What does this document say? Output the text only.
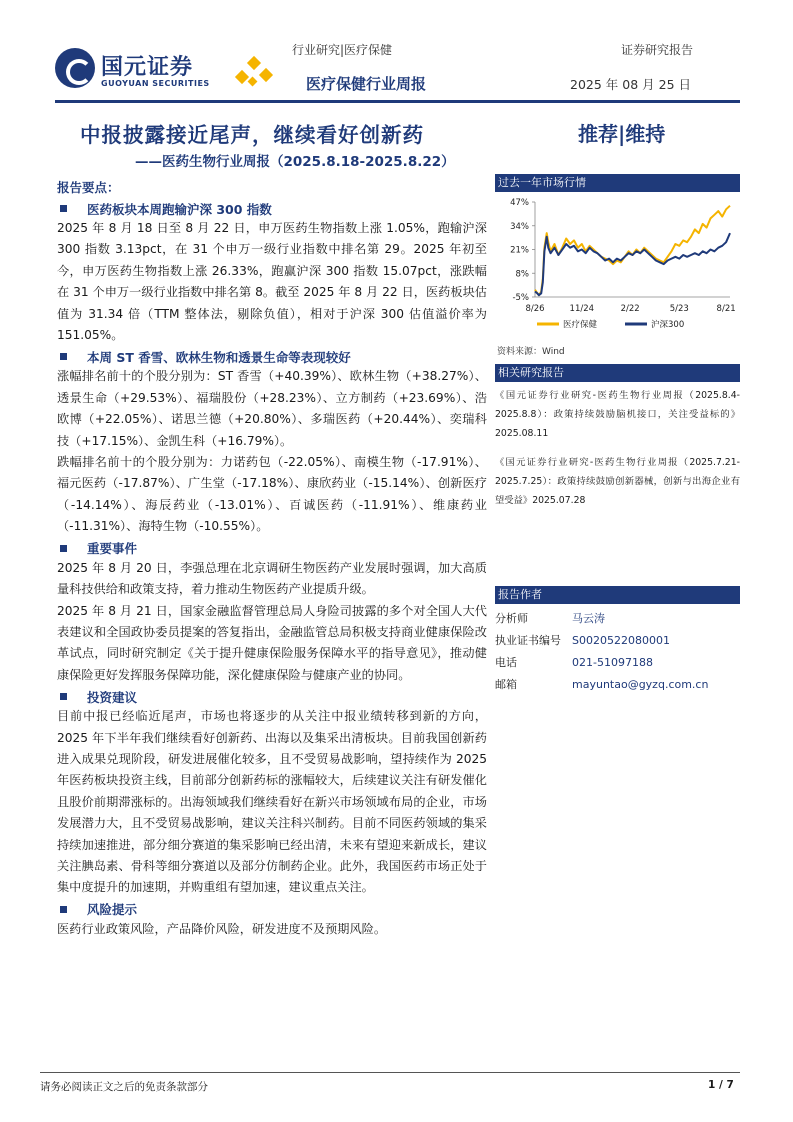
国元证券
GUOYUAN SECURITIES
行业研究|医疗保健	证券研究报告
医疗保健行业周报	2025 年 08 月 25 日
中报披露接近尾声，继续看好创新药
——医药生物行业周报（2025.8.18-2025.8.22）
推荐|维持
报告要点：
医药板块本周跑输沪深 300 指数

2025 年 8 月 18 日至 8 月 22 日，申万医药生物指数上涨 1.05%，跑输沪深 300 指数 3.13pct，在 31 个申万一级行业指数中排名第 29。2025 年初至今，申万医药生物指数上涨 26.33%，跑赢沪深 300 指数 15.07pct，涨跌幅在 31 个申万一级行业指数中排名第 8。截至 2025 年 8 月 22 日，医药板块估值为 31.34 倍（TTM 整体法，剔除负值），相对于沪深 300 估值溢价率为 151.05%。

本周 ST 香雪、欧林生物和透景生命等表现较好

涨幅排名前十的个股分别为：ST 香雪（+40.39%）、欧林生物（+38.27%）、透景生命（+29.53%）、福瑞股份（+28.23%）、立方制药（+23.69%）、浩欧博（+22.05%）、诺思兰德（+20.80%）、多瑞医药（+20.44%）、奕瑞科技（+17.15%）、金凯生科（+16.79%）。

跌幅排名前十的个股分别为：力诺药包（-22.05%）、南模生物（-17.91%）、福元医药（-17.87%）、广生堂（-17.18%）、康欣药业（-15.14%）、创新医疗（-14.14%）、海辰药业（-13.01%）、百诚医药（-11.91%）、维康药业（-11.31%）、海特生物（-10.55%）。

重要事件

2025 年 8 月 20 日，李强总理在北京调研生物医药产业发展时强调，加大高质量科技供给和政策支持，着力推动生物医药产业提质升级。

2025 年 8 月 21 日，国家金融监督管理总局人身险司披露的多个对全国人大代表建议和全国政协委员提案的答复指出，金融监管总局积极支持商业健康保险改革试点，同时研究制定《关于提升健康保险服务保障水平的指导意见》，推动健康保险更好发挥服务保障功能，深化健康保险与健康产业的协同。

投资建议

目前中报已经临近尾声，市场也将逐步的从关注中报业绩转移到新的方向，2025 年下半年我们继续看好创新药、出海以及集采出清板块。目前我国创新药进入成果兑现阶段，研发进展催化较多，且不受贸易战影响，望持续作为 2025 年医药板块投资主线，目前部分创新药标的涨幅较大，后续建议关注有研发催化且股价前期滞涨标的。出海领域我们继续看好在新兴市场领域布局的企业，市场发展潜力大，且不受贸易战影响，建议关注科兴制药。目前不同医药领域的集采持续加速推进，部分细分赛道的集采影响已经出清，未来有望迎来新成长，建议关注腆岛素、骨科等细分赛道以及部分仿制药企业。此外，我国医药市场正处于集中度提升的加速期，并购重组有望加速，建议重点关注。

风险提示

医药行业政策风险，产品降价风险，研发进度不及预期风险。

过去一年市场行情
-5%
8%
21%
34%
47%
8/26	11/24	2/22	5/23	8/21
医疗保健	沪深300
资料来源：Wind
相关研究报告

《国元证券行业研究-医药生物行业周报（2025.8.4-2025.8.8）：政策持续鼓励脑机接口，关注受益标的》2025.08.11

《国元证券行业研究-医药生物行业周报（2025.7.21-2025.7.25）：政策持续鼓励创新器械，创新与出海企业有望受益》2025.07.28

报告作者
分析师	马云涛
执业证书编号	S0020522080001
电话	021-51097188
邮箱	mayuntao@gyzq.com.cn
请务必阅读正文之后的免责条款部分	1 / 7
